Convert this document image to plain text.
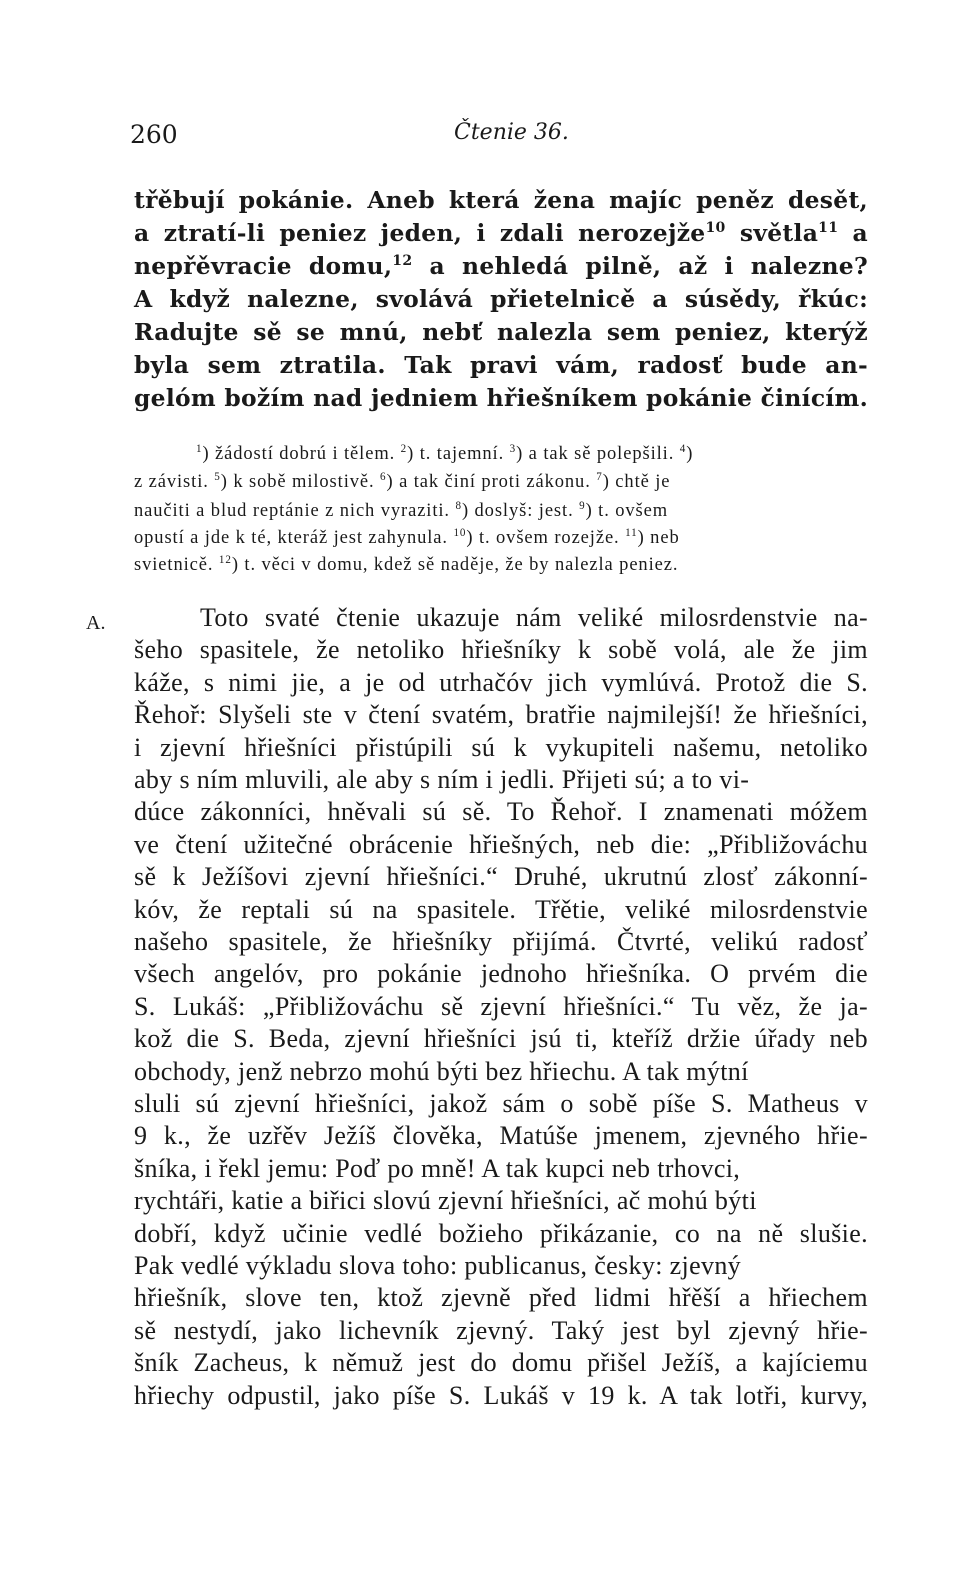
260	Čtenie 36.
třěbují pokánie. Aneb která žena majíc peněz desět,
a ztratí-li peniez jeden, i zdali nerozejže$^{10}$ světla$^{11}$ a
nepřěvracie domu,$^{12}$ a nehledá pilně, až i nalezne?
A když nalezne, svolává přietelnicě a súsědy, řkúc:
Radujte sě se mnú, nebť nalezla sem peniez, kterýž
byla sem ztratila. Tak pravi vám, radosť bude an-
gelóm božím nad jedniem hřiešníkem pokánie činícím.
$^1$) žádostí dobrú i tělem. $^2$) t. tajemní. $^3$) a tak sě polepšili. $^4$)
z závisti. $^5$) k sobě milostivě. $^6$) a tak činí proti zákonu. $^7$) chtě je
naučiti a blud reptánie z nich vyraziti. $^8$) doslyš: jest. $^9$) t. ovšem
opustí a jde k té, kteráž jest zahynula. $^{10}$) t. ovšem rozejže. $^{11}$) neb
svietnicě. $^{12}$) t. věci v domu, kdež sě naděje, že by nalezla peniez.
A.	Toto svaté čtenie ukazuje nám veliké milosrdenstvie na-
šeho spasitele, že netoliko hřiešníky k sobě volá, ale že jim
káže, s nimi jie, a je od utrhačóv jich vymlúvá. Protož die S.
Řehoř: Slyšeli ste v čtení svatém, bratřie najmilejší! že hřiešníci,
i zjevní hřiešníci přistúpili sú k vykupiteli našemu, netoliko
aby s ním mluvili, ale aby s ním i jedli. Přijeti sú; a to vi-
dúce zákonníci, hněvali sú sě. To Řehoř. I znamenati móžem
ve čtení užitečné obrácenie hřiešných, neb die: „Přibližováchu
sě k Ježíšovi zjevní hřiešníci.“ Druhé, ukrutnú zlosť zákonní-
kóv, že reptali sú na spasitele. Třětie, veliké milosrdenstvie
našeho spasitele, že hřiešníky přijímá. Čtvrté, velikú radosť
všech angelóv, pro pokánie jednoho hřiešníka. O prvém die
S. Lukáš: „Přibližováchu sě zjevní hřiešníci.“ Tu věz, že ja-
kož die S. Beda, zjevní hřiešníci jsú ti, kteříž držie úřady neb
obchody, jenž nebrzo mohú býti bez hřiechu. A tak mýtní
sluli sú zjevní hřiešníci, jakož sám o sobě píše S. Matheus v
9 k., že uzřěv Ježíš člověka, Matúše jmenem, zjevného hřie-
šníka, i řekl jemu: Poď po mně! A tak kupci neb trhovci,
rychtáři, katie a biřici slovú zjevní hřiešníci, ač mohú býti
dobří, když učinie vedlé božieho přikázanie, co na ně slušie.
Pak vedlé výkladu slova toho: publicanus, česky: zjevný
hřiešník, slove ten, ktož zjevně před lidmi hřěší a hřiechem
sě nestydí, jako lichevník zjevný. Taký jest byl zjevný hřie-
šník Zacheus, k němuž jest do domu přišel Ježíš, a kajíciemu
hřiechy odpustil, jako píše S. Lukáš v 19 k. A tak lotři, kurvy,
